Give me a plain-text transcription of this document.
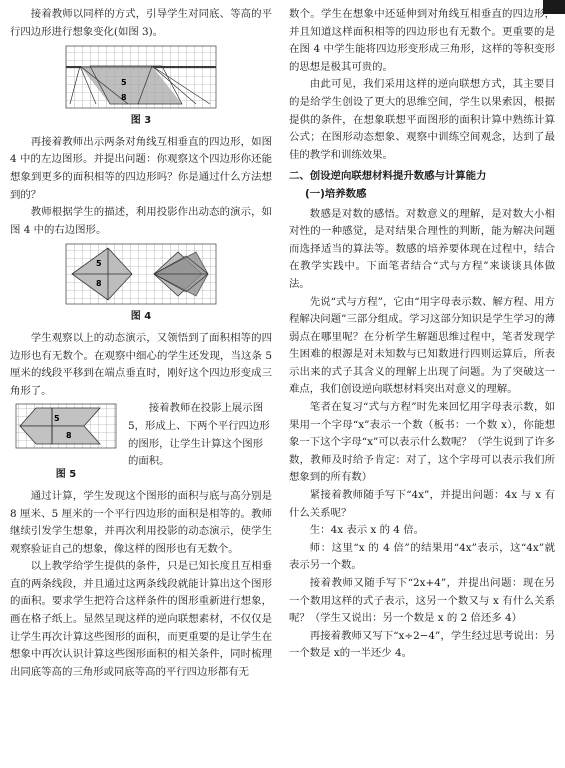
接着教师以同样的方式，引导学生对同底、等高的平行四边形进行想象变化(如图 3)。

5
8
图 3

再接着教师出示两条对角线互相垂直的四边形，如图 4 中的左边图形。并提出问题：你观察这个四边形你还能想象到更多的面积相等的四边形吗？你是通过什么方法想到的？

教师根据学生的描述，利用投影作出动态的演示，如图 4 中的右边图形。

5
8
图 4

学生观察以上的动态演示，又领悟到了面积相等的四边形也有无数个。在观察中细心的学生还发现，当这条 5 厘米的线段平移到在端点垂直时，刚好这个四边形变成三角形了。

5
8
图 5
接着教师在投影上展示图 5，形成上、下两个平行四边形的图形，让学生计算这个图形的面积。

通过计算，学生发现这个图形的面积与底与高分别是 8 厘米、5 厘米的一个平行四边形的面积是相等的。教师继续引发学生想象，并再次利用投影的动态演示，使学生观察验证自己的想象，像这样的图形也有无数个。

以上教学给学生提供的条件，只是已知长度且互相垂直的两条线段，并且通过这两条线段就能计算出这个图形的面积。要求学生把符合这样条件的图形重新进行想象，画在格子纸上。显然呈现这样的逆向联想素材，不仅仅是让学生再次计算这些图形的面积，而更重要的是让学生在想象中再次认识计算这些图形面积的相关条件，同时梳理出同底等高的三角形或同底等高的平行四边形都有无

数个。学生在想象中还延伸到对角线互相垂直的四边形，并且知道这样面积相等的四边形也有无数个。更重要的是在图 4 中学生能将四边形变形成三角形，这样的等积变形的思想是极其可贵的。

由此可见，我们采用这样的逆向联想方式，其主要目的是给学生创设了更大的思维空间，学生以果索因，根据提供的条件，在想象联想平面图形的面积计算中熟练计算公式；在图形动态想象、观察中训练空间观念，达到了最佳的教学和训练效果。

二、创设逆向联想材料提升数感与计算能力
(一)培养数感

数感是对数的感悟。对数意义的理解，是对数大小相对性的一种感觉，是对结果合理性的判断，能为解决问题而选择适当的算法等。数感的培养要体现在过程中，结合在教学实践中。下面笔者结合“式与方程”来谈谈具体做法。

先说“式与方程”，它由“用字母表示数、解方程、用方程解决问题”三部分组成。学习这部分知识是学生学习的薄弱点在哪里呢？在分析学生解题思维过程中，笔者发现学生困难的根源是对未知数与已知数进行四则运算后，所表示出来的式子其含义的理解上出现了问题。为了突破这一难点，我们创设逆向联想材料突出对意义的理解。

笔者在复习“式与方程”时先来回忆用字母表示数，如果用一个字母“x”表示一个数（板书：一个数 x），你能想象一下这个字母“x”可以表示什么数呢？（学生说到了许多数，教师及时给予肯定：对了，这个字母可以表示我们所想象到的所有数）

紧接着教师随手写下“4x”，并提出问题：4x 与 x 有什么关系呢？

生：4x 表示 x 的 4 倍。

师：这里“x 的 4 倍”的结果用“4x”表示，这“4x”就表示另一个数。

接着教师又随手写下“2x+4”，并提出问题：现在另一个数用这样的式子表示，这另一个数又与 x 有什么关系呢？（学生又说出：另一个数是 x 的 2 倍还多 4）

再接着教师又写下“x÷2−4”，学生经过思考说出：另一个数是 x的一半还少 4。
